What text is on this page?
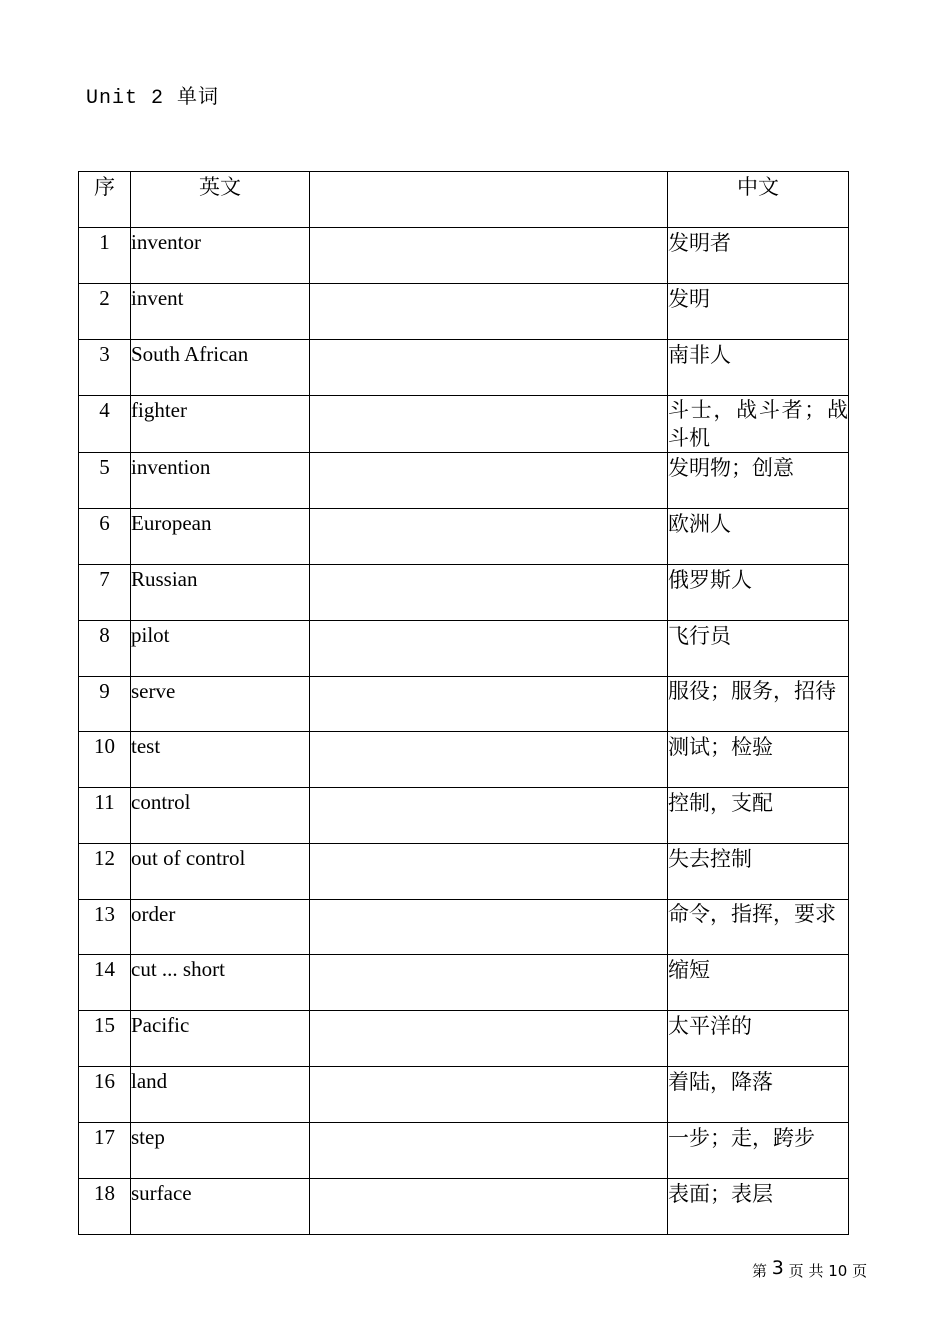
Unit 2 单词
序	英文		中文
1	inventor		发明者
2	invent		发明
3	South African		南非人
4	fighter		斗士，战斗者；战斗机
5	invention		发明物；创意
6	European		欧洲人
7	Russian		俄罗斯人
8	pilot		飞行员
9	serve		服役；服务，招待
10	test		测试；检验
11	control		控制，支配
12	out of control		失去控制
13	order		命令，指挥，要求
14	cut ... short		缩短
15	Pacific		太平洋的
16	land		着陆，降落
17	step		一步；走，跨步
18	surface		表面；表层
第 3 页 共 10 页
